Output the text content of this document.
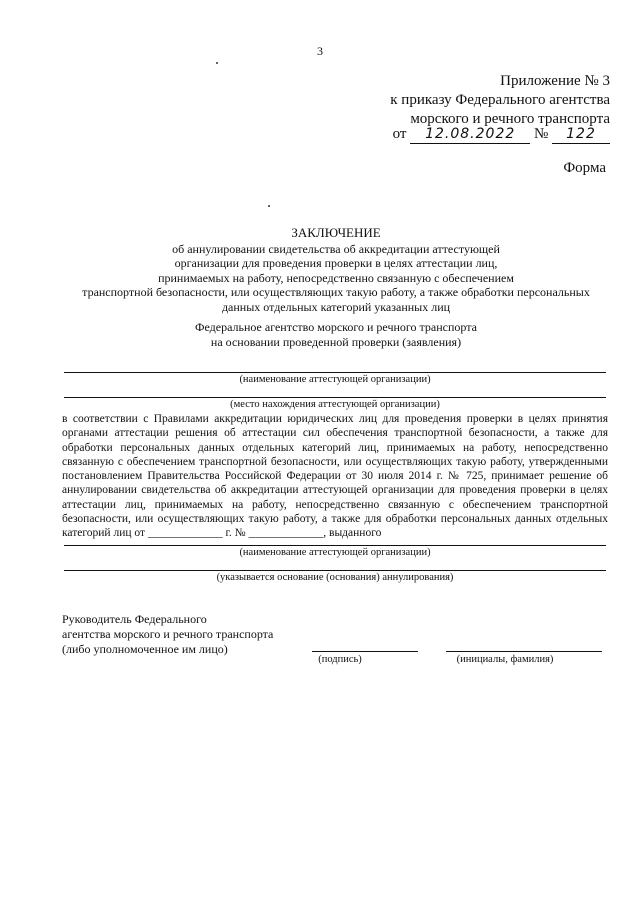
3
Приложение № 3
к приказу Федерального агентства
морского и речного транспорта
от 12.08.2022 № 122
Форма
ЗАКЛЮЧЕНИЕ
об аннулировании свидетельства об аккредитации аттестующей
организации для проведения проверки в целях аттестации лиц,
принимаемых на работу, непосредственно связанную с обеспечением
транспортной безопасности, или осуществляющих такую работу, а также обработки персональных
данных отдельных категорий указанных лиц
Федеральное агентство морского и речного транспорта
на основании проведенной проверки (заявления)
(наименование аттестующей организации)
(место нахождения аттестующей организации)
в соответствии с Правилами аккредитации юридических лиц для проведения проверки в целях принятия органами аттестации решения об аттестации сил обеспечения транспортной безопасности, а также для обработки персональных данных отдельных категорий лиц, принимаемых на работу, непосредственно связанную с обеспечением транспортной безопасности, или осуществляющих такую работу, утвержденными постановлением Правительства Российской Федерации от 30 июля 2014 г. № 725, принимает решение об аннулировании свидетельства об аккредитации аттестующей организации для проведения проверки в целях аттестации лиц, принимаемых на работу, непосредственно связанную с обеспечением транспортной безопасности, или осуществляющих такую работу, а также для обработки персональных данных отдельных категорий лиц от _____________ г. № _____________, выданного
(наименование аттестующей организации)
(указывается основание (основания) аннулирования)
Руководитель Федерального
агентства морского и речного транспорта
(либо уполномоченное им лицо)
(подпись)	(инициалы, фамилия)
